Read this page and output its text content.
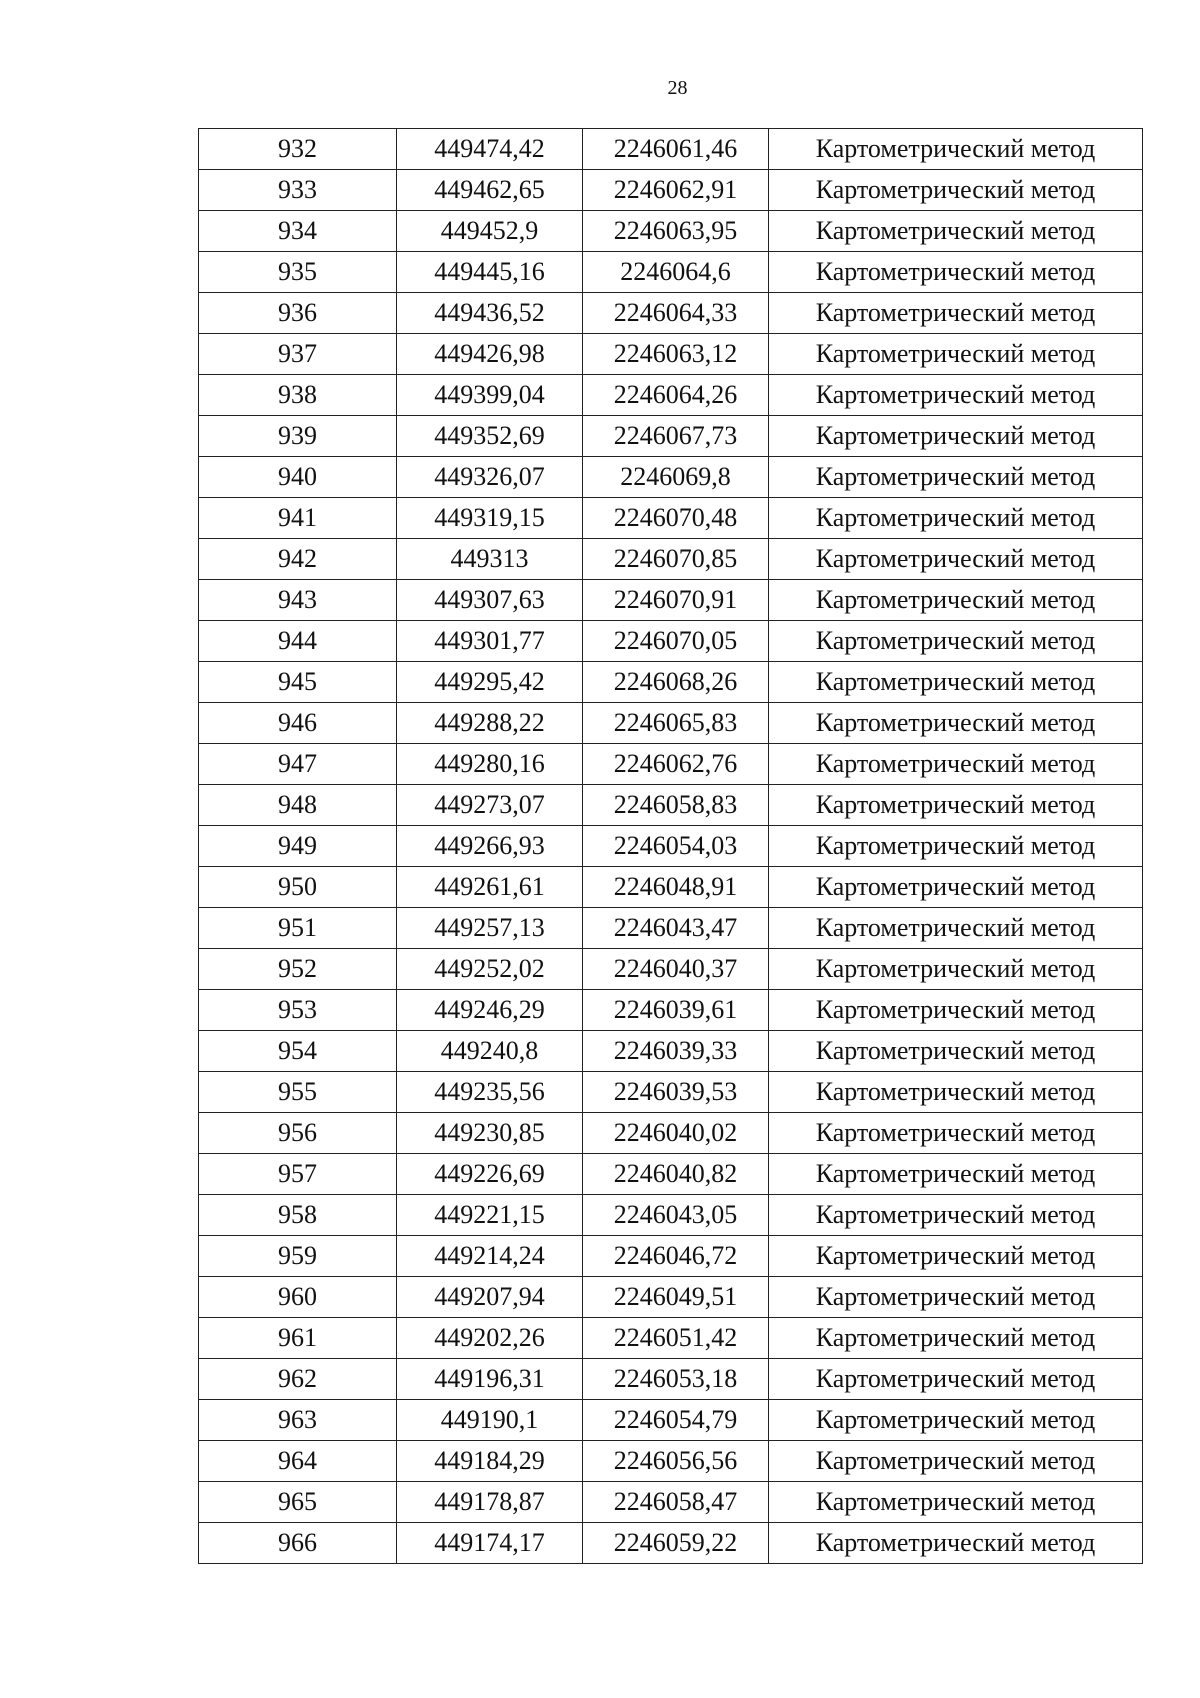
28
932	449474,42	2246061,46	Картометрический метод
933	449462,65	2246062,91	Картометрический метод
934	449452,9	2246063,95	Картометрический метод
935	449445,16	2246064,6	Картометрический метод
936	449436,52	2246064,33	Картометрический метод
937	449426,98	2246063,12	Картометрический метод
938	449399,04	2246064,26	Картометрический метод
939	449352,69	2246067,73	Картометрический метод
940	449326,07	2246069,8	Картометрический метод
941	449319,15	2246070,48	Картометрический метод
942	449313	2246070,85	Картометрический метод
943	449307,63	2246070,91	Картометрический метод
944	449301,77	2246070,05	Картометрический метод
945	449295,42	2246068,26	Картометрический метод
946	449288,22	2246065,83	Картометрический метод
947	449280,16	2246062,76	Картометрический метод
948	449273,07	2246058,83	Картометрический метод
949	449266,93	2246054,03	Картометрический метод
950	449261,61	2246048,91	Картометрический метод
951	449257,13	2246043,47	Картометрический метод
952	449252,02	2246040,37	Картометрический метод
953	449246,29	2246039,61	Картометрический метод
954	449240,8	2246039,33	Картометрический метод
955	449235,56	2246039,53	Картометрический метод
956	449230,85	2246040,02	Картометрический метод
957	449226,69	2246040,82	Картометрический метод
958	449221,15	2246043,05	Картометрический метод
959	449214,24	2246046,72	Картометрический метод
960	449207,94	2246049,51	Картометрический метод
961	449202,26	2246051,42	Картометрический метод
962	449196,31	2246053,18	Картометрический метод
963	449190,1	2246054,79	Картометрический метод
964	449184,29	2246056,56	Картометрический метод
965	449178,87	2246058,47	Картометрический метод
966	449174,17	2246059,22	Картометрический метод
